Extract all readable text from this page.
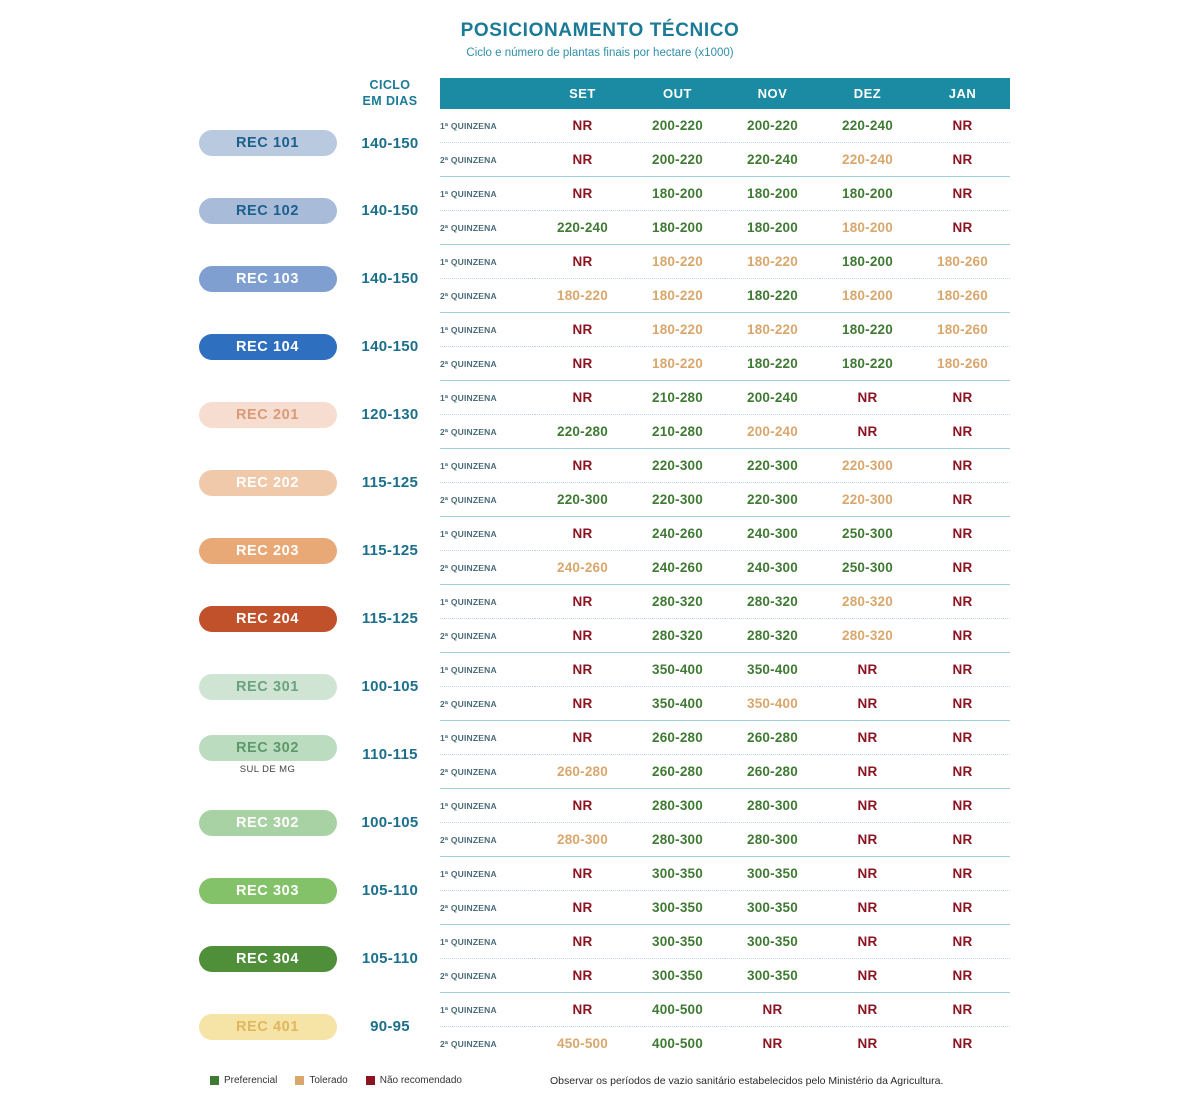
POSICIONAMENTO TÉCNICO
Ciclo e número de plantas finais por hectare (x1000)

	CICLO
EM DIAS		SET	OUT	NOV	DEZ	JAN
REC 101	140-150	1ª QUINZENA	NR	200-220	200-220	220-240	NR
		2ª QUINZENA	NR	200-220	220-240	220-240	NR
REC 102	140-150	1ª QUINZENA	NR	180-200	180-200	180-200	NR
		2ª QUINZENA	220-240	180-200	180-200	180-200	NR
REC 103	140-150	1ª QUINZENA	NR	180-220	180-220	180-200	180-260
		2ª QUINZENA	180-220	180-220	180-220	180-200	180-260
REC 104	140-150	1ª QUINZENA	NR	180-220	180-220	180-220	180-260
		2ª QUINZENA	NR	180-220	180-220	180-220	180-260
REC 201	120-130	1ª QUINZENA	NR	210-280	200-240	NR	NR
		2ª QUINZENA	220-280	210-280	200-240	NR	NR
REC 202	115-125	1ª QUINZENA	NR	220-300	220-300	220-300	NR
		2ª QUINZENA	220-300	220-300	220-300	220-300	NR
REC 203	115-125	1ª QUINZENA	NR	240-260	240-300	250-300	NR
		2ª QUINZENA	240-260	240-260	240-300	250-300	NR
REC 204	115-125	1ª QUINZENA	NR	280-320	280-320	280-320	NR
		2ª QUINZENA	NR	280-320	280-320	280-320	NR
REC 301	100-105	1ª QUINZENA	NR	350-400	350-400	NR	NR
		2ª QUINZENA	NR	350-400	350-400	NR	NR
REC 302
SUL DE MG	110-115	1ª QUINZENA	NR	260-280	260-280	NR	NR
		2ª QUINZENA	260-280	260-280	260-280	NR	NR
REC 302	100-105	1ª QUINZENA	NR	280-300	280-300	NR	NR
		2ª QUINZENA	280-300	280-300	280-300	NR	NR
REC 303	105-110	1ª QUINZENA	NR	300-350	300-350	NR	NR
		2ª QUINZENA	NR	300-350	300-350	NR	NR
REC 304	105-110	1ª QUINZENA	NR	300-350	300-350	NR	NR
		2ª QUINZENA	NR	300-350	300-350	NR	NR
REC 401	90-95	1ª QUINZENA	NR	400-500	NR	NR	NR
		2ª QUINZENA	450-500	400-500	NR	NR	NR
Preferencial	Tolerado	Não recomendado	Observar os períodos de vazio sanitário estabelecidos pelo Ministério da Agricultura.
